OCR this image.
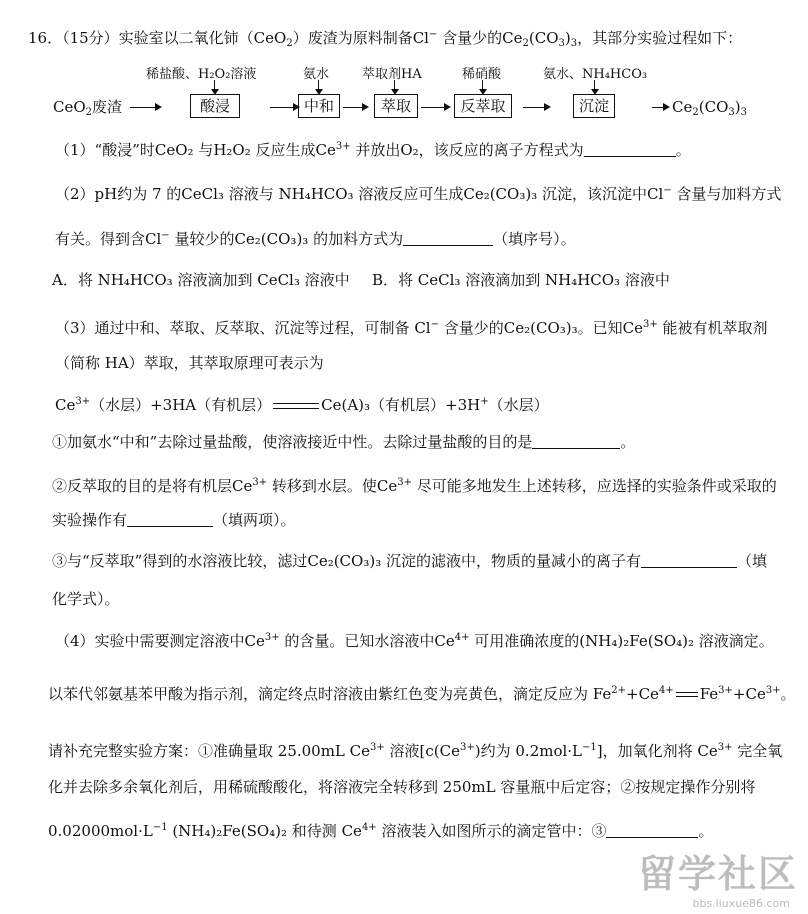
16．（15分）实验室以二氧化铈（CeO$_2$）废渣为原料制备Cl− 含量少的$Ce_2(CO_3)_3$，其部分实验过程如下：
稀盐酸、H₂O₂溶液	氨水	萃取剂HA	稀硝酸	氨水、NH₄HCO₃
CeO$_2$废渣	酸浸	中和	萃取	反萃取	沉淀	$Ce_2(CO_3)_3$
（1）“酸浸”时CeO₂ 与H₂O₂ 反应生成$Ce^{3+}$ 并放出O₂，该反应的离子方程式为	。
（2）pH约为 7 的CeCl₃ 溶液与 NH₄HCO₃ 溶液反应可生成Ce₂(CO₃)₃ 沉淀，该沉淀中Cl− 含量与加料方式
有关。得到含Cl− 量较少的Ce₂(CO₃)₃ 的加料方式为	（填序号）。
A．将 NH₄HCO₃ 溶液滴加到 CeCl₃ 溶液中	B．将 CeCl₃ 溶液滴加到 NH₄HCO₃ 溶液中
（3）通过中和、萃取、反萃取、沉淀等过程，可制备 Cl− 含量少的Ce₂(CO₃)₃。已知$Ce^{3+}$ 能被有机萃取剂
（简称 HA）萃取，其萃取原理可表示为
$Ce^{3+}$（水层）+3HA（有机层）	Ce(A)₃（有机层）+3H+（水层）
①加氨水“中和”去除过量盐酸，使溶液接近中性。去除过量盐酸的目的是	。
②反萃取的目的是将有机层$Ce^{3+}$ 转移到水层。使$Ce^{3+}$ 尽可能多地发生上述转移，应选择的实验条件或采取的
实验操作有	（填两项）。
③与“反萃取”得到的水溶液比较，滤过Ce₂(CO₃)₃ 沉淀的滤液中，物质的量减小的离子有	（填
化学式）。
（4）实验中需要测定溶液中$Ce^{3+}$ 的含量。已知水溶液中$Ce^{4+}$ 可用准确浓度的(NH₄)₂Fe(SO₄)₂ 溶液滴定。
以苯代邻氨基苯甲酸为指示剂，滴定终点时溶液由紫红色变为亮黄色，滴定反应为 $Fe^{2+}+Ce^{4+}$ $Fe^{3+}+Ce^{3+}$。
请补充完整实验方案：①准确量取 25.00mL $Ce^{3+}$ 溶液[$c(Ce^{3+})$约为 $0.2mol\cdot L^{-1}$]，加氧化剂将 $Ce^{3+}$ 完全氧
化并去除多余氧化剂后，用稀硫酸酸化，将溶液完全转移到 250mL 容量瓶中后定容；②按规定操作分别将
$0.02000mol\cdot L^{-1}$ (NH₄)₂Fe(SO₄)₂ 和待测 $Ce^{4+}$ 溶液装入如图所示的滴定管中：③	。
留学社区
bbs.liuxue86.com
